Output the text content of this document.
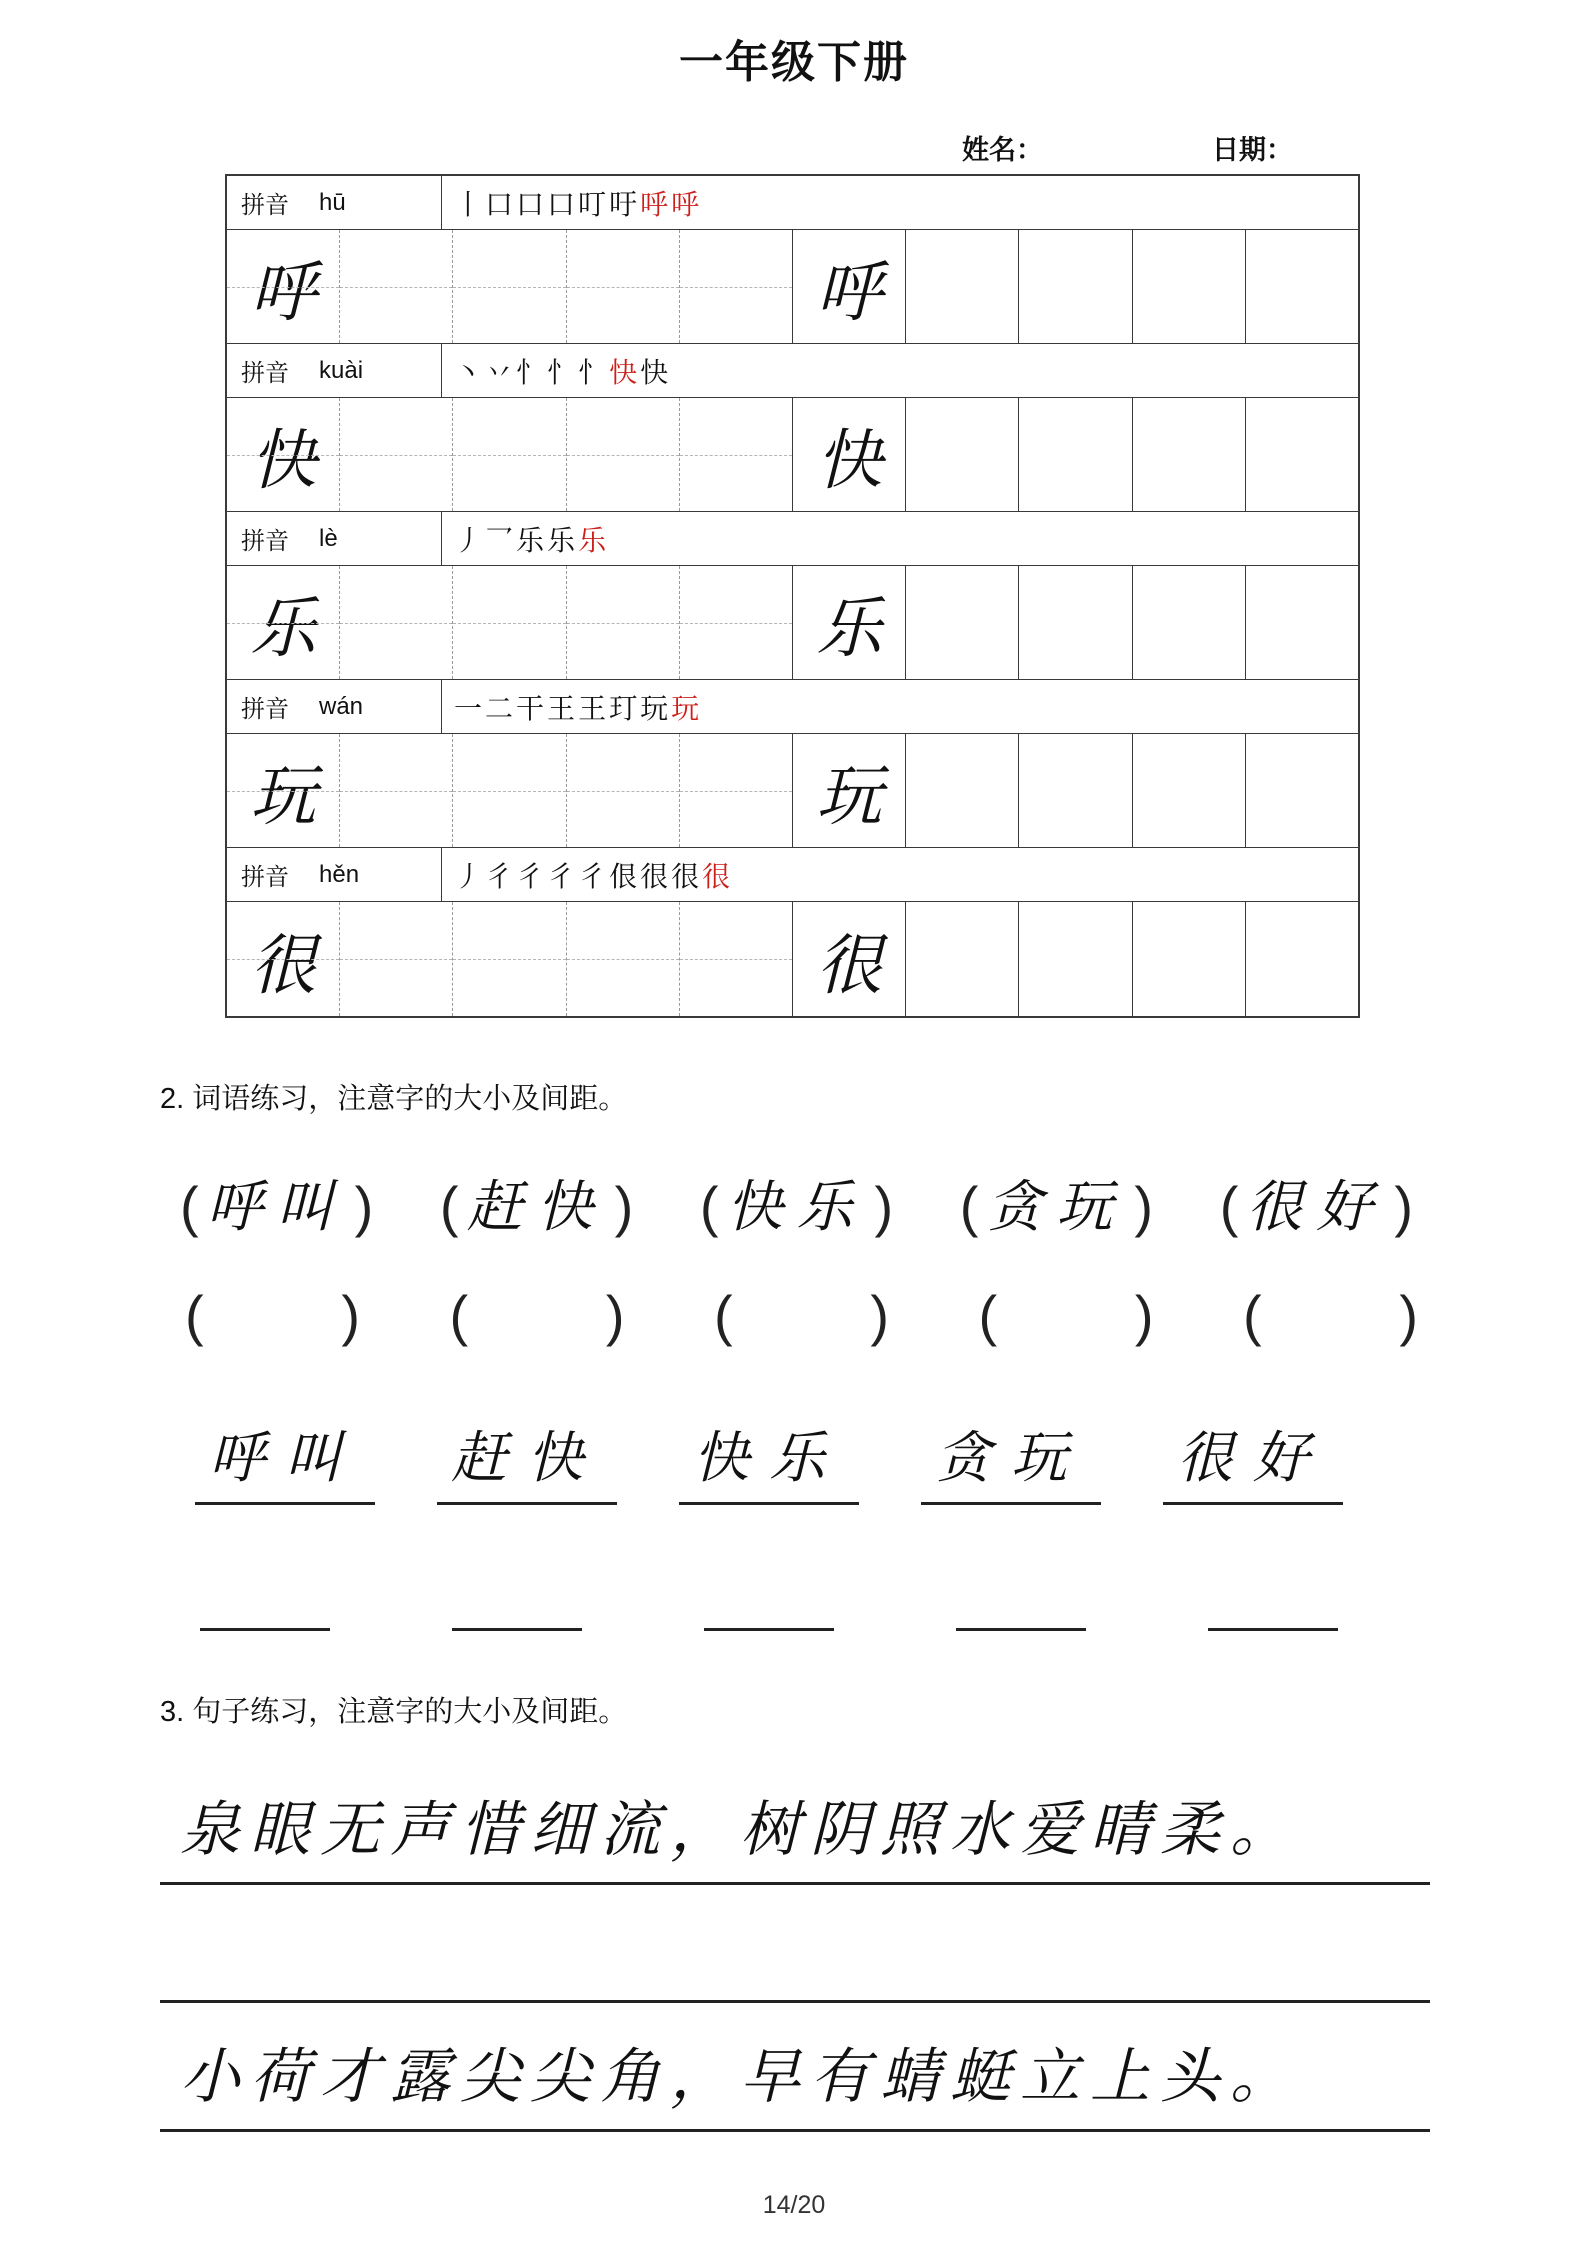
一年级下册
姓名：	日期：
拼音 hū	丨 口 口 口 叮 吁 呼 呼
呼	呼
拼音 kuài	丶 丷 忄 忄 忄 快 快
快	快
拼音 lè	丿 乛 乐 乐 乐
乐	乐
拼音 wán	一 二 干 王 王 玎 玩 玩
玩	玩
拼音 hěn	丿 彳 彳 彳 彳 佷 很 很 很
很	很
2. 词语练习，注意字的大小及间距。
( 呼叫 ) ( 赶快 ) ( 快乐 ) ( 贪玩 ) ( 很好 )
( ) ( ) ( ) ( ) ( )
呼叫 赶快 快乐 贪玩 很好
3. 句子练习，注意字的大小及间距。
泉眼无声惜细流，树阴照水爱晴柔。
小荷才露尖尖角，早有蜻蜓立上头。
14/20
